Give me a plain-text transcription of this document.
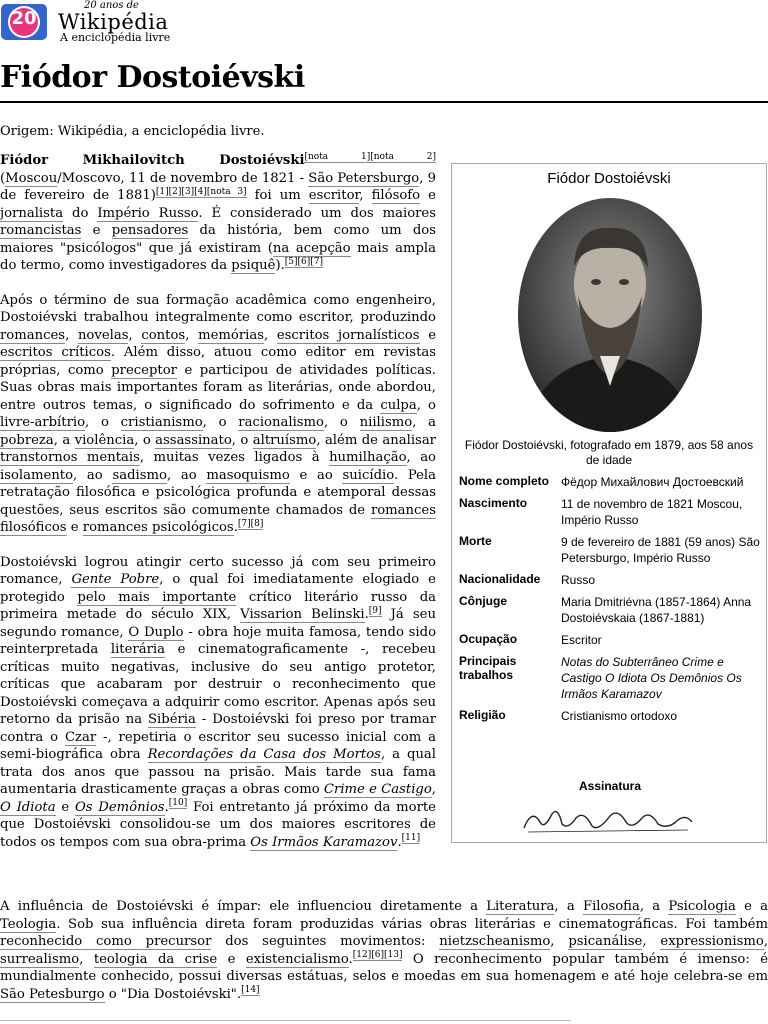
20
20 anos de
Wikipédia
A enciclopédia livre
Fiódor Dostoiévski
Origem: Wikipédia, a enciclopédia livre.

Fiódor Mikhailovitch Dostoiévski[nota 1][nota 2] (Moscou/Moscovo, 11 de novembro de 1821 - São Petersburgo, 9 de fevereiro de 1881)[1][2][3][4][nota 3] foi um escritor, filósofo e jornalista do Império Russo. É considerado um dos maiores romancistas e pensadores da história, bem como um dos maiores "psicólogos" que já existiram (na acepção mais ampla do termo, como investigadores da psiquê).[5][6][7]

Após o término de sua formação acadêmica como engenheiro, Dostoiévski trabalhou integralmente como escritor, produzindo romances, novelas, contos, memórias, escritos jornalísticos e escritos críticos. Além disso, atuou como editor em revistas próprias, como preceptor e participou de atividades políticas. Suas obras mais importantes foram as literárias, onde abordou, entre outros temas, o significado do sofrimento e da culpa, o livre-arbítrio, o cristianismo, o racionalismo, o niilismo, a pobreza, a violência, o assassinato, o altruísmo, além de analisar transtornos mentais, muitas vezes ligados à humilhação, ao isolamento, ao sadismo, ao masoquismo e ao suicídio. Pela retratação filosófica e psicológica profunda e atemporal dessas questões, seus escritos são comumente chamados de romances filosóficos e romances psicológicos.[7][8]

Dostoiévski logrou atingir certo sucesso já com seu primeiro romance, Gente Pobre, o qual foi imediatamente elogiado e protegido pelo mais importante crítico literário russo da primeira metade do século XIX, Vissarion Belinski.[9] Já seu segundo romance, O Duplo - obra hoje muita famosa, tendo sido reinterpretada literária e cinematograficamente -, recebeu críticas muito negativas, inclusive do seu antigo protetor, críticas que acabaram por destruir o reconhecimento que Dostoiévski começava a adquirir como escritor. Apenas após seu retorno da prisão na Sibéria - Dostoiévski foi preso por tramar contra o Czar -, repetiria o escritor seu sucesso inicial com a semi-biográfica obra Recordações da Casa dos Mortos, a qual trata dos anos que passou na prisão. Mais tarde sua fama aumentaria drasticamente graças a obras como Crime e Castigo, O Idiota e Os Demônios.[10] Foi entretanto já próximo da morte que Dostoiévski consolidou-se um dos maiores escritores de todos os tempos com sua obra-prima Os Irmãos Karamazov.[11]

A influência de Dostoiévski é ímpar: ele influenciou diretamente a Literatura, a Filosofia, a Psicologia e a Teologia. Sob sua influência direta foram produzidas várias obras literárias e cinematográficas. Foi também reconhecido como precursor dos seguintes movimentos: nietzscheanismo, psicanálise, expressionismo, surrealismo, teologia da crise e existencialismo.[12][6][13] O reconhecimento popular também é imenso: é mundialmente conhecido, possui diversas estátuas, selos e moedas em sua homenagem e até hoje celebra-se em São Petesburgo o "Dia Dostoiévski".[14]

Fiódor Dostoiévski
Fiódor Dostoiévski, fotografado em 1879, aos 58 anos de idade
Nome completo Фёдор Михайлович Достоевский
Nascimento	11 de novembro de 1821 Moscou, Império Russo
Morte	9 de fevereiro de 1881 (59 anos) São Petersburgo, Império Russo
Nacionalidade	Russo
Cônjuge	Maria Dmitriévna (1857-1864) Anna Dostoiévskaia (1867-1881)
Ocupação	Escritor
Principais trabalhos
Notas do Subterrâneo Crime e Castigo O Idiota Os Demônios Os Irmãos Karamazov
Religião	Cristianismo ortodoxo
Assinatura
